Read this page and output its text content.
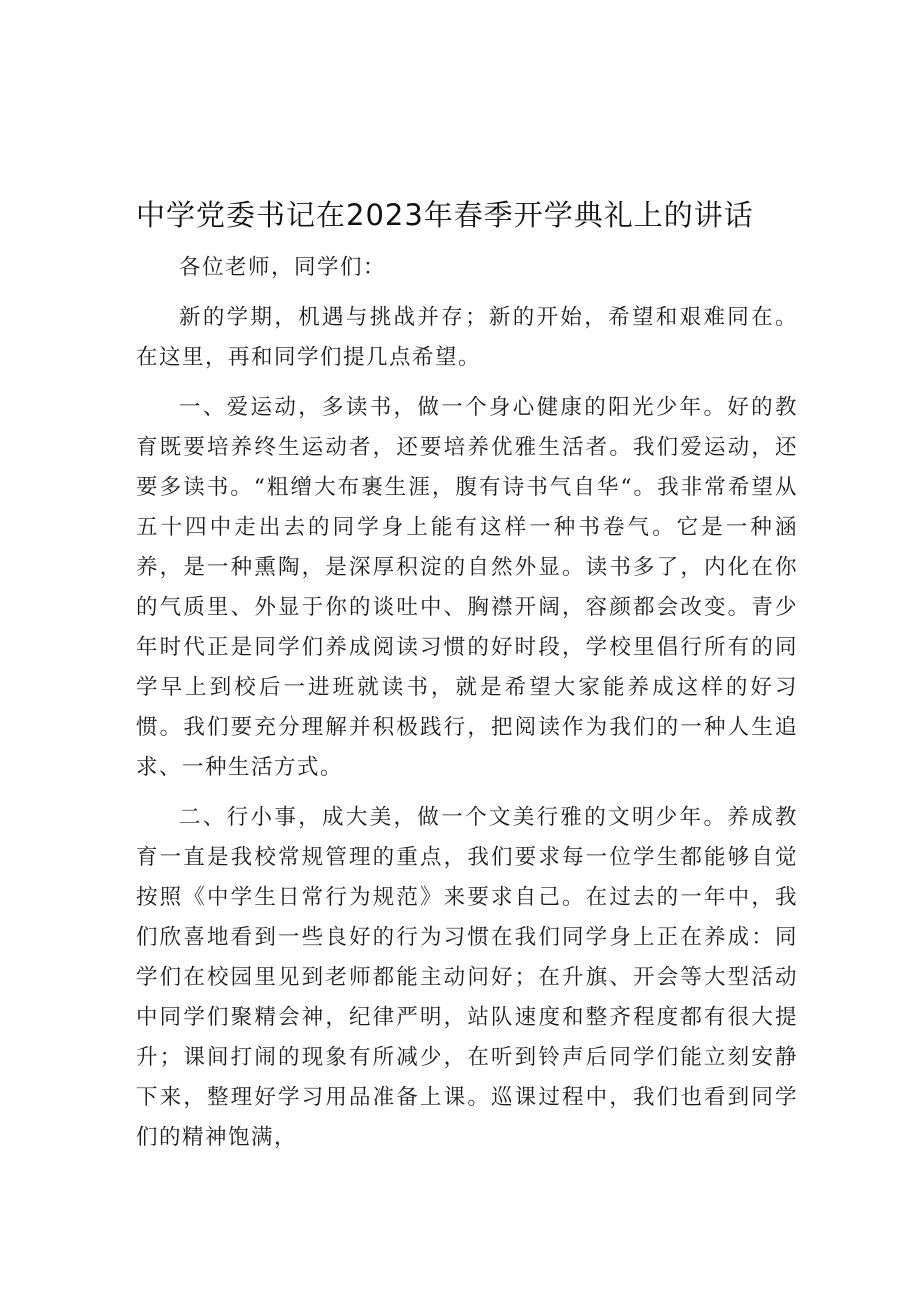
中学党委书记在2023年春季开学典礼上的讲话

各位老师，同学们：

新的学期，机遇与挑战并存；新的开始，希望和艰难同在。在这里，再和同学们提几点希望。

一、爱运动，多读书，做一个身心健康的阳光少年。好的教育既要培养终生运动者，还要培养优雅生活者。我们爱运动，还要多读书。“粗缯大布裹生涯，腹有诗书气自华“。我非常希望从五十四中走出去的同学身上能有这样一种书卷气。它是一种涵养，是一种熏陶，是深厚积淀的自然外显。读书多了，内化在你的气质里、外显于你的谈吐中、胸襟开阔，容颜都会改变。青少年时代正是同学们养成阅读习惯的好时段，学校里倡行所有的同学早上到校后一进班就读书，就是希望大家能养成这样的好习惯。我们要充分理解并积极践行，把阅读作为我们的一种人生追求、一种生活方式。

二、行小事，成大美，做一个文美行雅的文明少年。养成教育一直是我校常规管理的重点，我们要求每一位学生都能够自觉按照《中学生日常行为规范》来要求自己。在过去的一年中，我们欣喜地看到一些良好的行为习惯在我们同学身上正在养成：同学们在校园里见到老师都能主动问好；在升旗、开会等大型活动中同学们聚精会神，纪律严明，站队速度和整齐程度都有很大提升；课间打闹的现象有所减少，在听到铃声后同学们能立刻安静下来，整理好学习用品准备上课。巡课过程中，我们也看到同学们的精神饱满，
